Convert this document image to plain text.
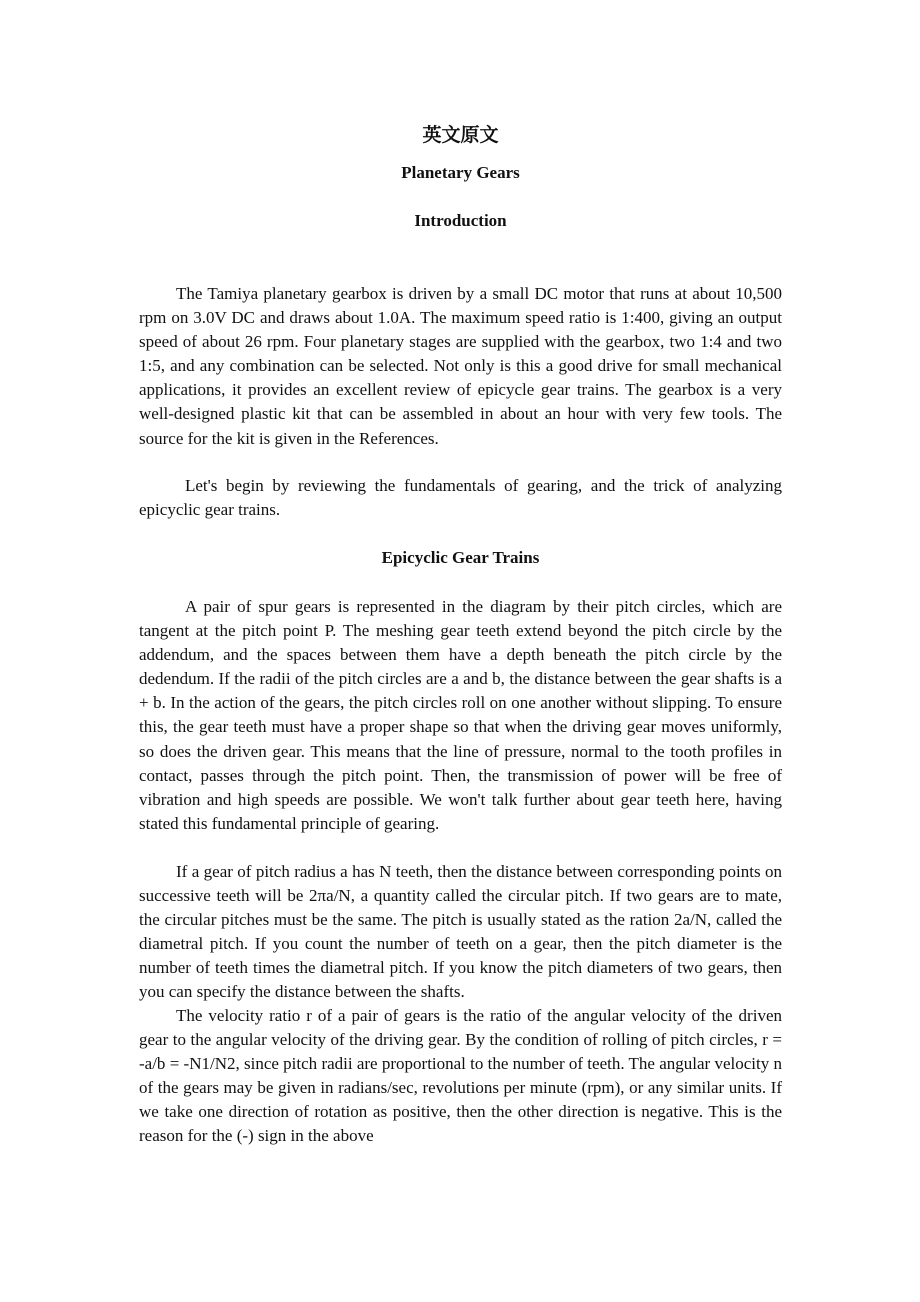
英文原文
Planetary Gears
Introduction

The Tamiya planetary gearbox is driven by a small DC motor that runs at about 10,500 rpm on 3.0V DC and draws about 1.0A. The maximum speed ratio is 1:400, giving an output speed of about 26 rpm. Four planetary stages are supplied with the gearbox, two 1:4 and two 1:5, and any combination can be selected. Not only is this a good drive for small mechanical applications, it provides an excellent review of epicycle gear trains. The gearbox is a very well-designed plastic kit that can be assembled in about an hour with very few tools. The source for the kit is given in the References.

Let's begin by reviewing the fundamentals of gearing, and the trick of analyzing epicyclic gear trains.

Epicyclic Gear Trains

A pair of spur gears is represented in the diagram by their pitch circles, which are tangent at the pitch point P. The meshing gear teeth extend beyond the pitch circle by the addendum, and the spaces between them have a depth beneath the pitch circle by the dedendum. If the radii of the pitch circles are a and b, the distance between the gear shafts is a + b. In the action of the gears, the pitch circles roll on one another without slipping. To ensure this, the gear teeth must have a proper shape so that when the driving gear moves uniformly, so does the driven gear. This means that the line of pressure, normal to the tooth profiles in contact, passes through the pitch point. Then, the transmission of power will be free of vibration and high speeds are possible. We won't talk further about gear teeth here, having stated this fundamental principle of gearing.

If a gear of pitch radius a has N teeth, then the distance between corresponding points on successive teeth will be 2πa/N, a quantity called the circular pitch. If two gears are to mate, the circular pitches must be the same. The pitch is usually stated as the ration 2a/N, called the diametral pitch. If you count the number of teeth on a gear, then the pitch diameter is the number of teeth times the diametral pitch. If you know the pitch diameters of two gears, then you can specify the distance between the shafts.

The velocity ratio r of a pair of gears is the ratio of the angular velocity of the driven gear to the angular velocity of the driving gear. By the condition of rolling of pitch circles, r = -a/b = -N1/N2, since pitch radii are proportional to the number of teeth. The angular velocity n of the gears may be given in radians/sec, revolutions per minute (rpm), or any similar units. If we take one direction of rotation as positive, then the other direction is negative. This is the reason for the (-) sign in the above
